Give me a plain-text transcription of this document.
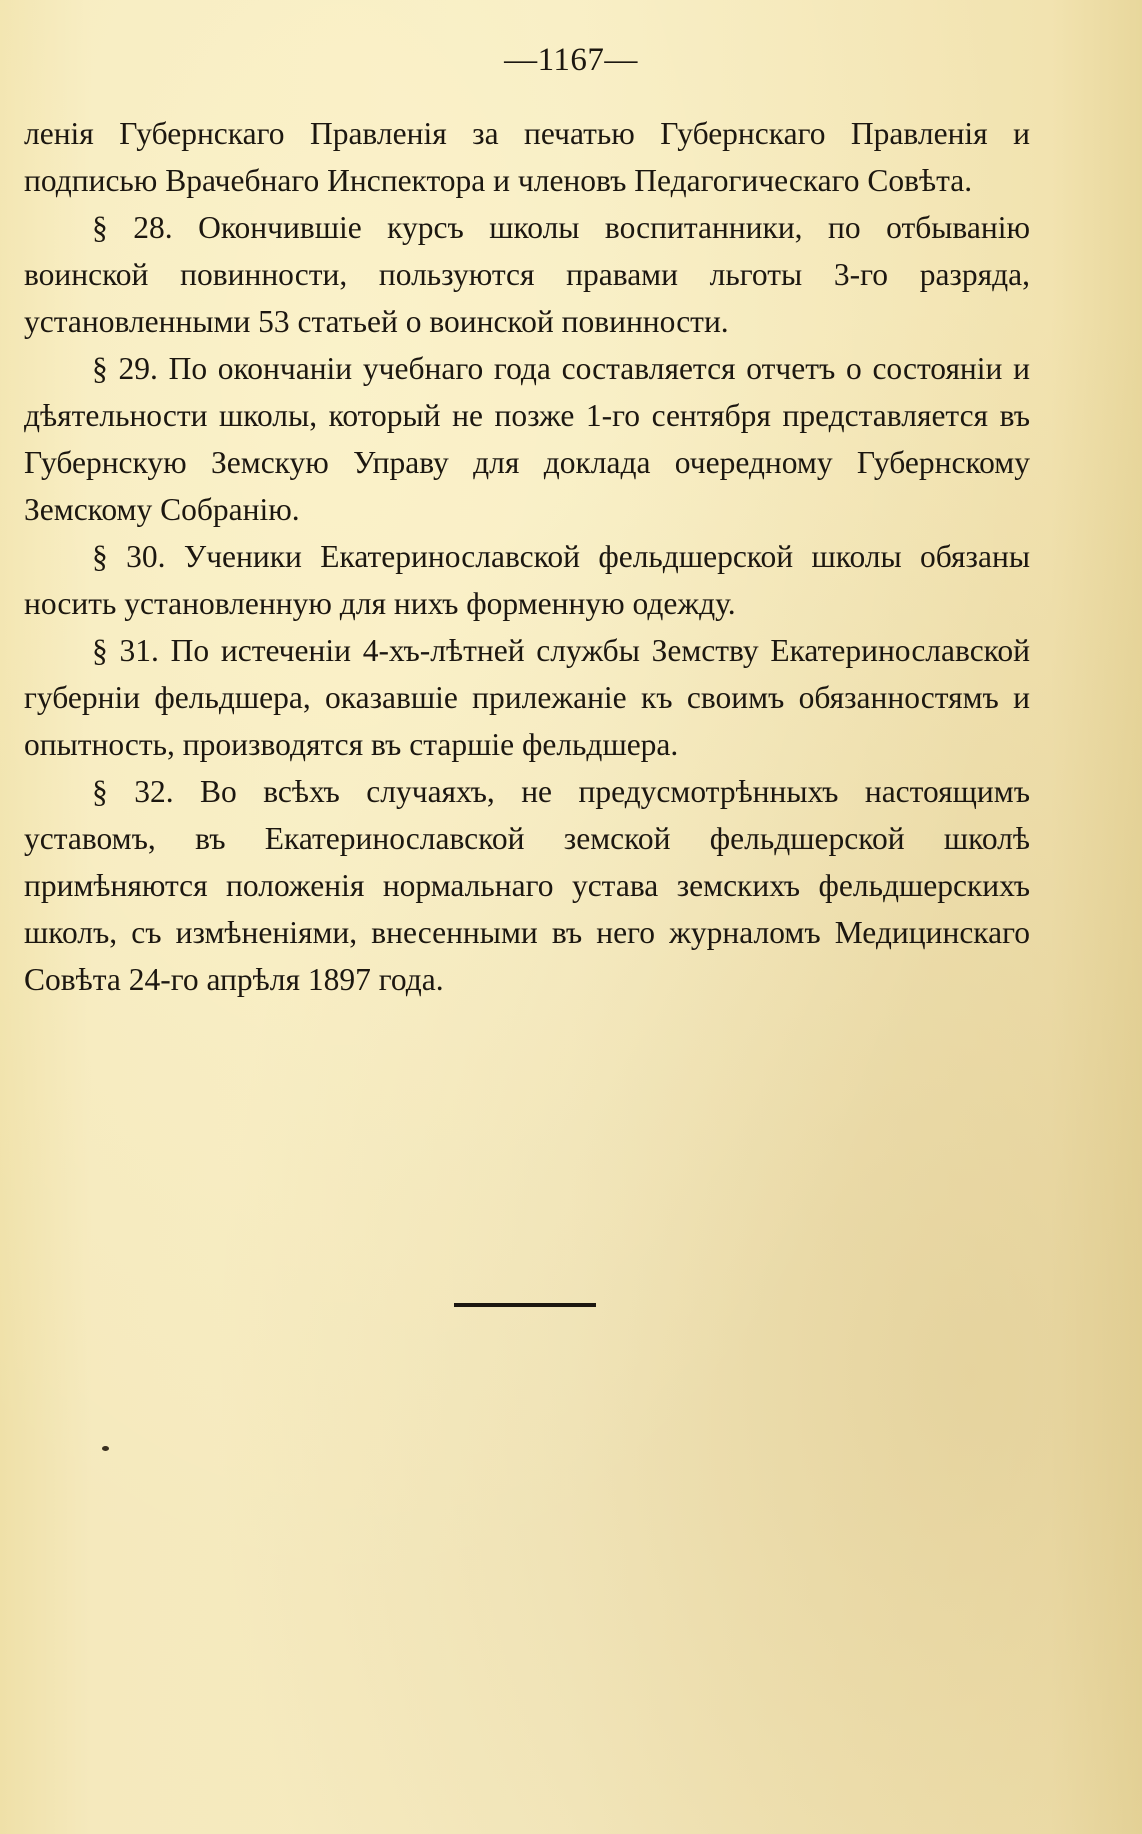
—1167—

ленія Губернскаго Правленія за печатью Губернскаго Правленія и подписью Врачебнаго Инспектора и членовъ Педагогическаго Совѣта.

§ 28. Окончившіе курсъ школы воспитанники, по отбыванію воинской повинности, пользуются правами льготы 3-го разряда, установленными 53 статьей о воинской повинности.

§ 29. По окончаніи учебнаго года составляется отчетъ о состояніи и дѣятельности школы, который не позже 1-го сентября представляется въ Губернскую Земскую Управу для доклада очередному Губернскому Земскому Собранію.

§ 30. Ученики Екатеринославской фельдшерской школы обязаны носить установленную для нихъ форменную одежду.

§ 31. По истеченіи 4-хъ-лѣтней службы Земству Екатеринославской губерніи фельдшера, оказавшіе прилежаніе къ своимъ обязанностямъ и опытность, производятся въ старшіе фельдшера.

§ 32. Во всѣхъ случаяхъ, не предусмотрѣнныхъ настоящимъ уставомъ, въ Екатеринославской земской фельдшерской школѣ примѣняются положенія нормальнаго устава земскихъ фельдшерскихъ школъ, съ измѣненіями, внесенными въ него журналомъ Медицинскаго Совѣта 24-го апрѣля 1897 года.
